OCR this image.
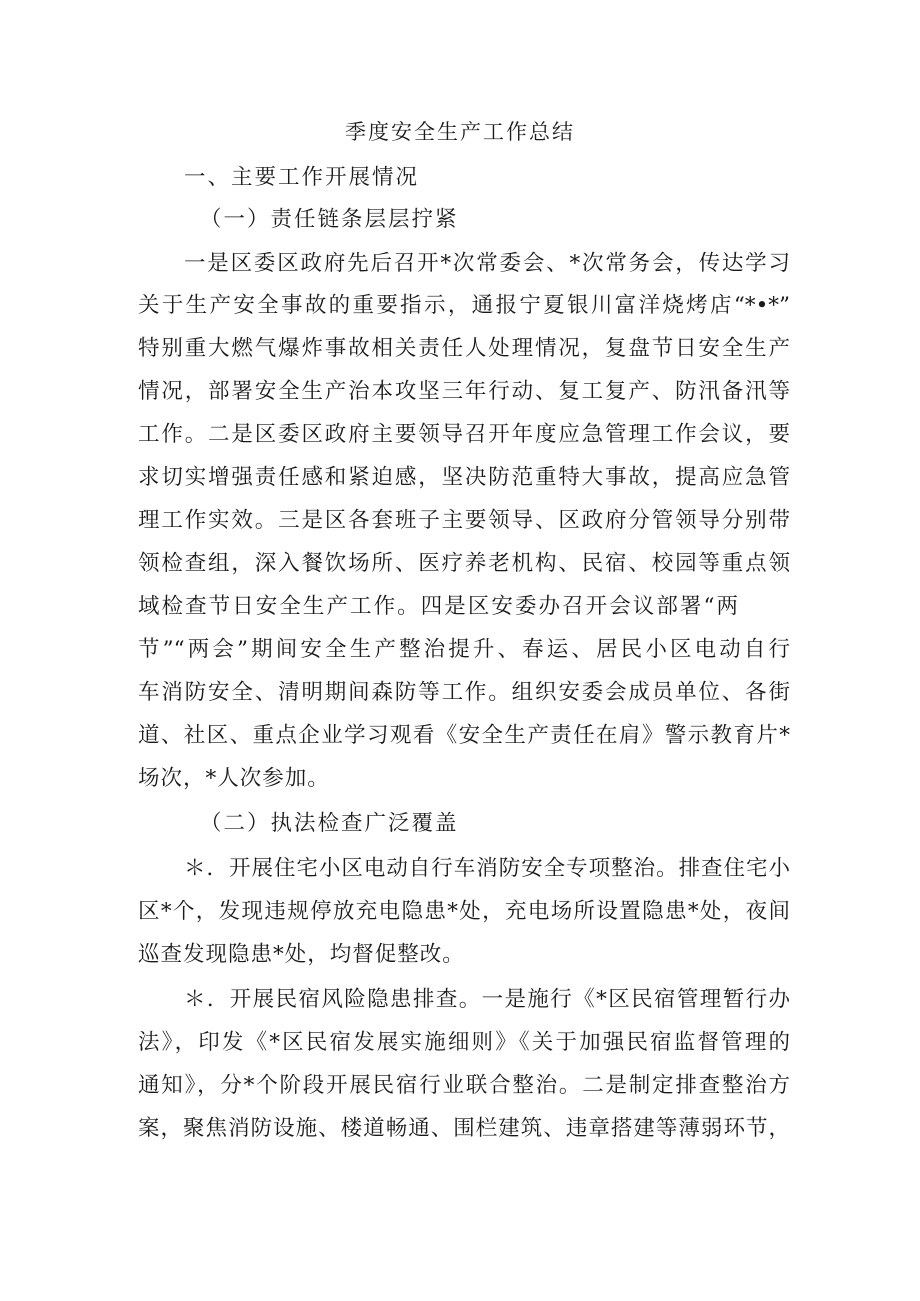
季度安全生产工作总结
一、主要工作开展情况
（一）责任链条层层拧紧
一是区委区政府先后召开*次常委会、*次常务会，传达学习
关于生产安全事故的重要指示，通报宁夏银川富洋烧烤店“*•*”
特别重大燃气爆炸事故相关责任人处理情况，复盘节日安全生产
情况，部署安全生产治本攻坚三年行动、复工复产、防汛备汛等
工作。二是区委区政府主要领导召开年度应急管理工作会议，要
求切实增强责任感和紧迫感，坚决防范重特大事故，提高应急管
理工作实效。三是区各套班子主要领导、区政府分管领导分别带
领检查组，深入餐饮场所、医疗养老机构、民宿、校园等重点领
域检查节日安全生产工作。四是区安委办召开会议部署“两
节”“两会”期间安全生产整治提升、春运、居民小区电动自行
车消防安全、清明期间森防等工作。组织安委会成员单位、各街
道、社区、重点企业学习观看《安全生产责任在肩》警示教育片*
场次，*人次参加。
（二）执法检查广泛覆盖
＊．开展住宅小区电动自行车消防安全专项整治。排查住宅小
区*个，发现违规停放充电隐患*处，充电场所设置隐患*处，夜间
巡查发现隐患*处，均督促整改。
＊．开展民宿风险隐患排查。一是施行《*区民宿管理暂行办
法》，印发《*区民宿发展实施细则》《关于加强民宿监督管理的
通知》，分*个阶段开展民宿行业联合整治。二是制定排查整治方
案，聚焦消防设施、楼道畅通、围栏建筑、违章搭建等薄弱环节，
